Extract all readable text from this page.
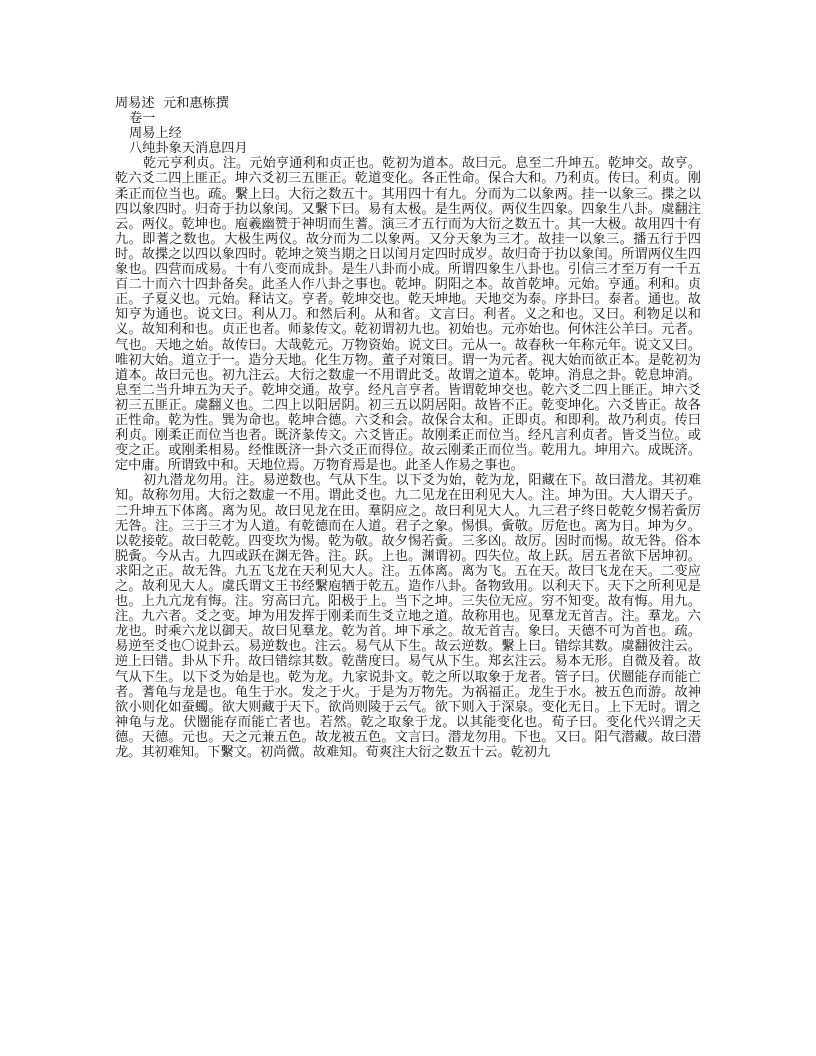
周易述  元和惠栋撰
卷一
周易上经
八纯卦象天消息四月

乾元亨利贞。注。元始亨通利和贞正也。乾初为道本。故曰元。息至二升坤五。乾坤交。故亨。乾六爻二四上匪正。坤六爻初三五匪正。乾道变化。各正性命。保合大和。乃利贞。传曰。利贞。刚柔正而位当也。疏。繫上曰。大衍之数五十。其用四十有九。分而为二以象两。挂一以象三。揲之以四以象四时。归奇于扐以象闰。又繫下曰。易有太极。是生两仪。两仪生四象。四象生八卦。虞翻注云。两仪。乾坤也。庖羲幽赞于神明而生蓍。演三才五行而为大衍之数五十。其一大极。故用四十有九。即蓍之数也。大极生两仪。故分而为二以象两。又分天象为三才。故挂一以象三。播五行于四时。故揲之以四以象四时。乾坤之筴当期之日以闰月定四时成岁。故归奇于扐以象闰。所谓两仪生四象也。四营而成易。十有八变而成卦。是生八卦而小成。所谓四象生八卦也。引信三才至万有一千五百二十而六十四卦备矣。此圣人作八卦之事也。乾坤。阴阳之本。故首乾坤。元始。亨通。利和。贞正。子夏义也。元始。释诂文。亨者。乾坤交也。乾天坤地。天地交为泰。序卦曰。泰者。通也。故知亨为通也。说文曰。利从刀。和然后利。从和省。文言曰。利者。义之和也。又曰。利物足以和义。故知利和也。贞正也者。师彖传文。乾初谓初九也。初始也。元亦始也。何休注公羊曰。元者。气也。天地之始。故传曰。大哉乾元。万物资始。说文曰。元从一。故春秋一年称元年。说文又曰。唯初大始。道立于一。造分天地。化生万物。董子对策曰。谓一为元者。视大始而欲正本。是乾初为道本。故曰元也。初九注云。大衍之数虚一不用谓此爻。故谓之道本。乾坤。消息之卦。乾息坤消。息至二当升坤五为天子。乾坤交通。故亨。经凡言亨者。皆谓乾坤交也。乾六爻二四上匪正。坤六爻初三五匪正。虞翻义也。二四上以阳居阴。初三五以阴居阳。故皆不正。乾变坤化。六爻皆正。故各正性命。乾为性。巽为命也。乾坤合德。六爻和会。故保合太和。正即贞。和即利。故乃利贞。传曰利贞。刚柔正而位当也者。既济彖传文。六爻皆正。故刚柔正而位当。经凡言利贞者。皆爻当位。或变之正。或刚柔相易。经惟既济一卦六爻正而得位。故云刚柔正而位当。乾用九。坤用六。成既济。定中庸。所谓致中和。天地位焉。万物育焉是也。此圣人作易之事也。

初九潜龙勿用。注。易逆数也。气从下生。以下爻为始，乾为龙，阳藏在下。故曰潜龙。其初难知。故称勿用。大衍之数虚一不用。谓此爻也。九二见龙在田利见大人。注。坤为田。大人谓天子。二升坤五下体离。离为见。故曰见龙在田。羣阴应之。故曰利见大人。九三君子终日乾乾夕惕若夤厉无咎。注。三于三才为人道。有乾德而在人道。君子之象。惕惧。夤敬。厉危也。离为日。坤为夕。以乾接乾。故曰乾乾。四变坎为惕。乾为敬。故夕惕若夤。三多凶。故厉。因时而惕。故无咎。俗本脱夤。今从古。九四或跃在渊无咎。注。跃。上也。渊谓初。四失位。故上跃。居五者欲下居坤初。求阳之正。故无咎。九五飞龙在天利见大人。注。五体离。离为飞。五在天。故曰飞龙在天。二变应之。故利见大人。虞氏谓文王书经繫庖牺于乾五。造作八卦。备物致用。以利天下。天下之所利见是也。上九亢龙有悔。注。穷高曰亢。阳极于上。当下之坤。三失位无应。穷不知变。故有悔。用九。注。九六者。爻之变。坤为用发挥于刚柔而生爻立地之道。故称用也。见羣龙无首吉。注。羣龙。六龙也。时乘六龙以御天。故曰见羣龙。乾为首。坤下承之。故无首吉。象曰。天德不可为首也。疏。易逆至爻也〇说卦云。易逆数也。注云。易气从下生。故云逆数。繫上曰。错综其数。虞翻彼注云。逆上曰错。卦从下升。故曰错综其数。乾凿度曰。易气从下生。郑玄注云。易本无形。自微及着。故气从下生。以下爻为始是也。乾为龙。九家说卦文。乾之所以取象于龙者。管子曰。伏闓能存而能亡者。蓍龟与龙是也。龟生于水。发之于火。于是为万物先。为祸福正。龙生于水。被五色而游。故神欲小则化如蚕蠋。欲大则藏于天下。欲尚则陵于云气。欲下则入于深泉。变化无日。上下无时。谓之神龟与龙。伏闓能存而能亡者也。若然。乾之取象于龙。以其能变化也。荀子曰。变化代兴谓之天德。天德。元也。天之元兼五色。故龙被五色。文言曰。潜龙勿用。下也。又曰。阳气潜藏。故曰潜龙。其初难知。下繫文。初尚微。故难知。荀爽注大衍之数五十云。乾初九
